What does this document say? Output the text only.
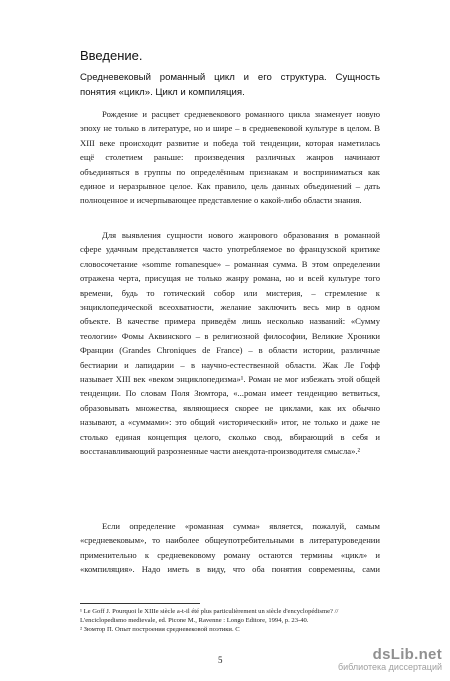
Введение.
Средневековый романный цикл и его структура. Сущность понятия «цикл». Цикл и компиляция.
Рождение и расцвет средневекового романного цикла знаменует новую
эпоху не только в литературе, но и шире – в средневековой культуре в целом. В
XIII веке происходит развитие и победа той тенденции, которая наметилась
ещё столетием раньше: произведения различных жанров начинают
объединяться в группы по определённым признакам и восприниматься как
единое и неразрывное целое. Как правило, цель данных объединений – дать
полноценное и исчерпывающее представление о какой-либо области знания.
Для выявления сущности нового жанрового образования в романной
сфере удачным представляется часто употребляемое во французской критике
словосочетание «somme romanesque» – романная сумма. В этом определении
отражена черта, присущая не только жанру романа, но и всей культуре того
времени, будь то готический собор или мистерия, – стремление к
энциклопедической всеохватности, желание заключить весь мир в одном
объекте. В качестве примера приведём лишь несколько названий: «Сумму
теологии» Фомы Аквинского – в религиозной философии, Великие Хроники
Франции (Grandes Chroniques de France) – в области истории, различные
бестиарии и лапидарии – в научно-естественной области. Жак Ле Гофф
называет XIII век «веком энциклопедизма»¹. Роман не мог избежать этой общей
тенденции. По словам Поля Зюмтора, «...роман имеет тенденцию ветвиться,
образовывать множества, являющиеся скорее не циклами, как их обычно
называют, а «суммами»: это общий «исторический» итог, не только и даже не
столько единая концепция целого, сколько свод, вбирающий в себя и
восстанавливающий разрозненные части анекдота-производителя смысла».²
Если определение «романная сумма» является, пожалуй, самым
«средневековым», то наиболее общеупотребительными в литературоведении
применительно к средневековому роману остаются термины «цикл» и
«компиляция». Надо иметь в виду, что оба понятия современны, сами
¹ Le Goff J. Pourquoi le XIIIe siècle a-t-il été plus particulièrement un siècle d'encyclopédisme? //
L'enciclopedismo medievale, ed. Picone M., Ravenne : Longo Editore, 1994, p. 23-40.
² Зюмтор П. Опыт построения средневековой поэтики. С
5	dsLib.net
библиотека диссертаций
